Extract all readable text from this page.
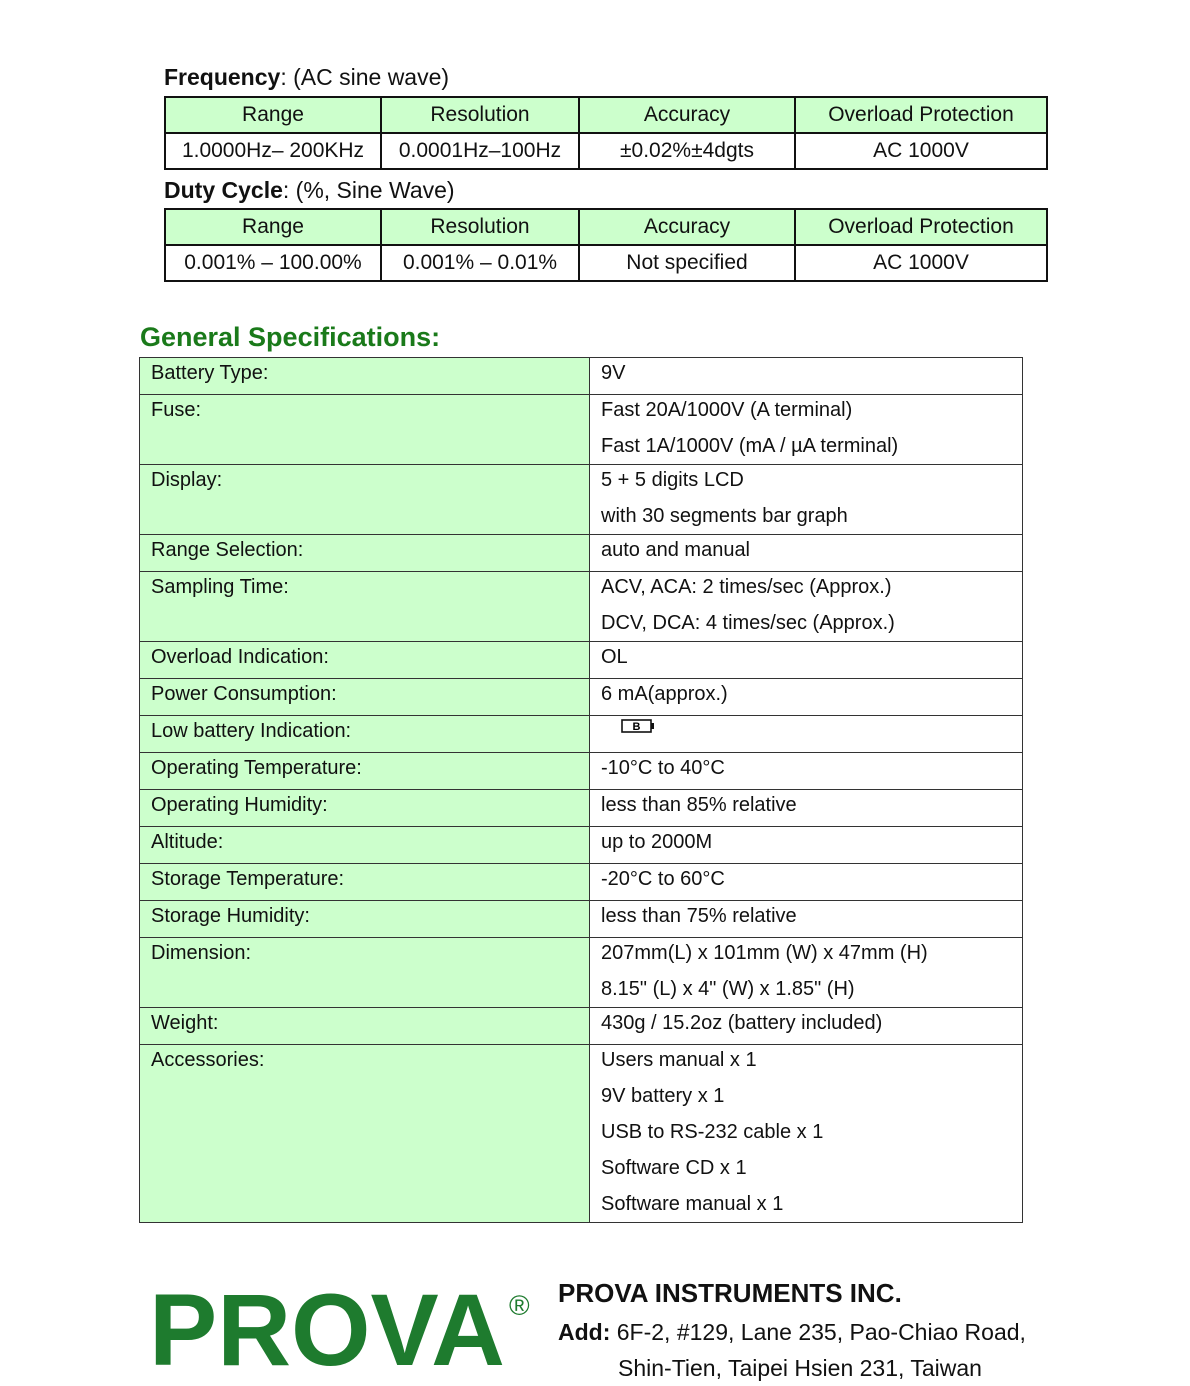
Frequency: (AC sine wave)
Range	Resolution	Accuracy	Overload Protection
1.0000Hz– 200KHz	0.0001Hz–100Hz	±0.02%±4dgts	AC 1000V
Duty Cycle: (%, Sine Wave)
Range	Resolution	Accuracy	Overload Protection
0.001% – 100.00%	0.001% – 0.01%	Not specified	AC 1000V
General Specifications:
Battery Type:	9V

Fuse:	Fast 20A/1000V (A terminal)
Fast 1A/1000V (mA / µA terminal)

Display:	5 + 5 digits LCD
with 30 segments bar graph

Range Selection:	auto and manual

Sampling Time:	ACV, ACA: 2 times/sec (Approx.)
DCV, DCA: 4 times/sec (Approx.)

Overload Indication:	OL

Power Consumption:	6 mA(approx.)

Low battery Indication:	B

Operating Temperature:	-10°C to 40°C

Operating Humidity:	less than 85% relative

Altitude:	up to 2000M

Storage Temperature:	-20°C to 60°C

Storage Humidity:	less than 75% relative

Dimension:	207mm(L) x 101mm (W) x 47mm (H)
8.15" (L) x 4" (W) x 1.85" (H)

Weight:	430g / 15.2oz (battery included)

Accessories:	Users manual x 1
9V battery x 1
USB to RS-232 cable x 1
Software CD x 1
Software manual x 1
PROVA ® PROVA INSTRUMENTS INC.
Add: 6F-2, #129, Lane 235, Pao-Chiao Road,
Shin-Tien, Taipei Hsien 231, Taiwan
